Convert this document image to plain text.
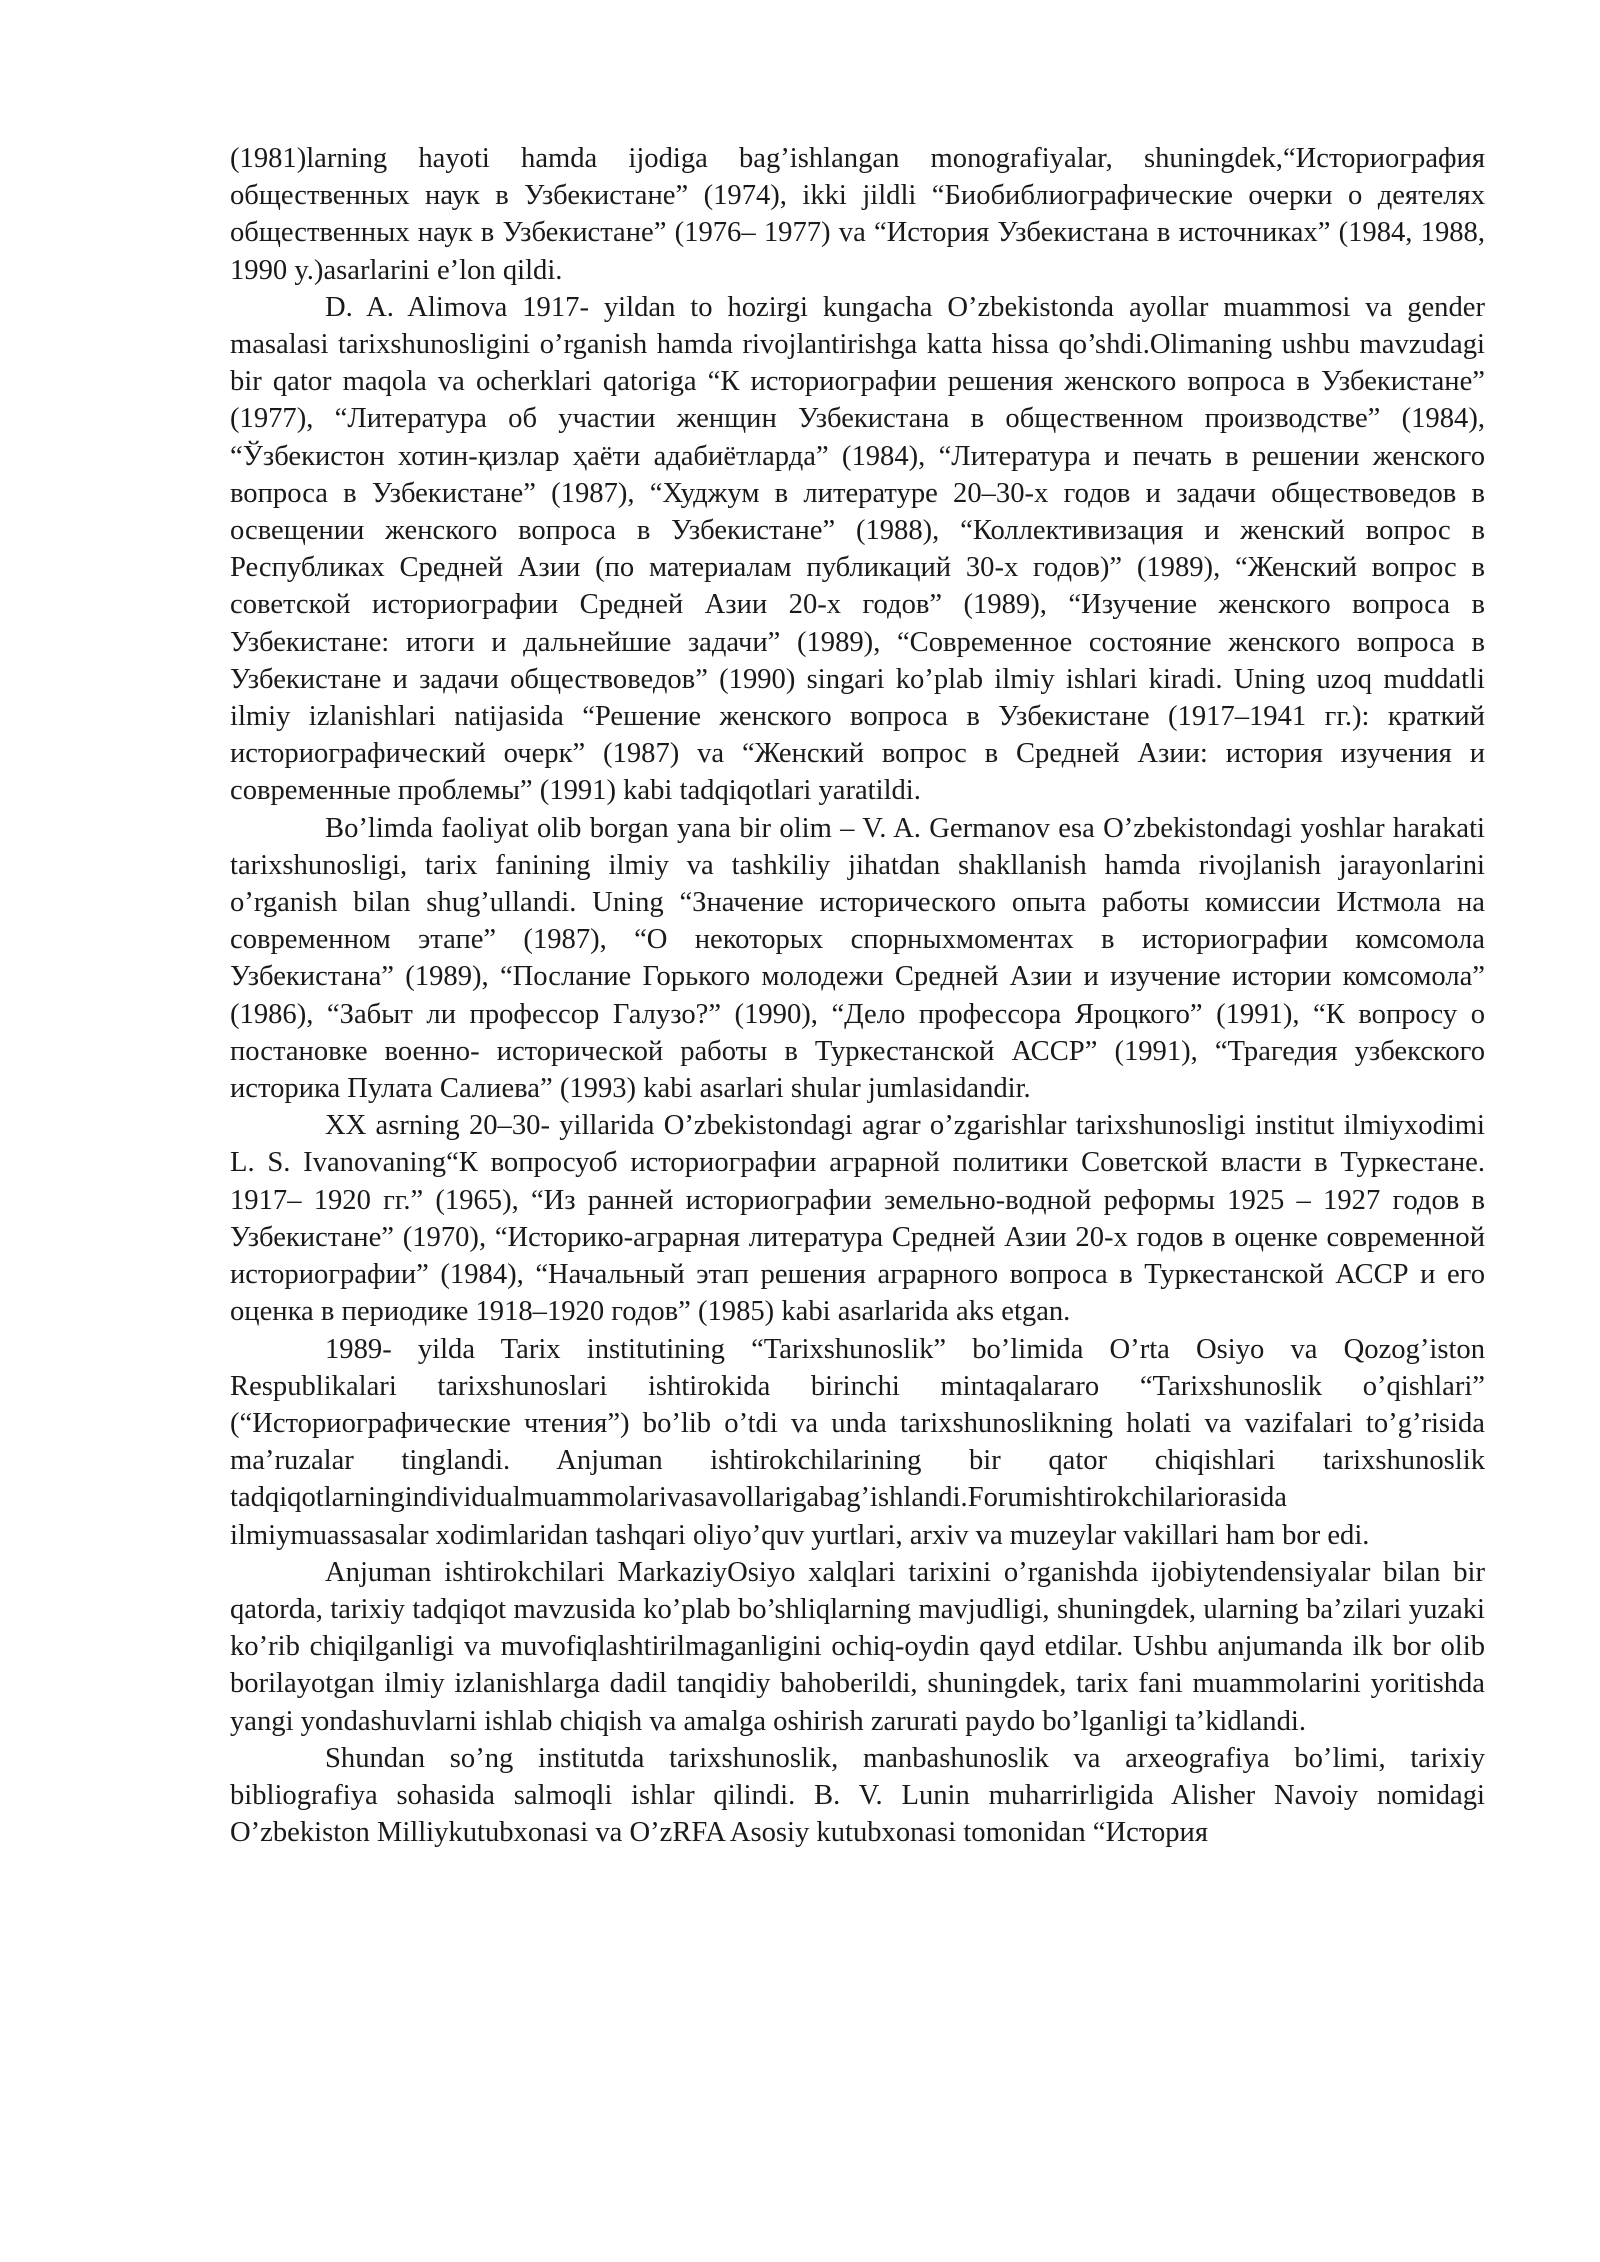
(1981)larning hayoti hamda ijodiga bag’ishlangan monografiyalar, shuningdek,“Историография общественных наук в Узбекистане” (1974), ikki jildli “Биобиблиографические очерки о деятелях общественных наук в Узбекистане” (1976– 1977) va “История Узбекистана в источниках” (1984, 1988, 1990 y.)asarlarini e’lon qildi.

D. A. Alimova 1917- yildan to hozirgi kungacha O’zbekistonda ayollar muammosi va gender masalasi tarixshunosligini o’rganish hamda rivojlantirishga katta hissa qo’shdi.Olimaning ushbu mavzudagi bir qator maqola va ocherklari qatoriga “К историографии решения женского вопроса в Узбекистане” (1977), “Литература об участии женщин Узбекистана в общественном производстве” (1984), “Ўзбекистон хотин-қизлар ҳаёти адабиётларда” (1984), “Литература и печать в решении женского вопроса в Узбекистане” (1987), “Худжум в литературе 20–30-х годов и задачи обществоведов в освещении женского вопроса в Узбекистане” (1988), “Коллективизация и женский вопрос в Республиках Средней Азии (по материалам публикаций 30-х годов)” (1989), “Женский вопрос в советской историографии Средней Азии 20-х годов” (1989), “Изучение женского вопроса в Узбекистане: итоги и дальнейшие задачи” (1989), “Современное состояние женского вопроса в Узбекистане и задачи обществоведов” (1990) singari ko’plab ilmiy ishlari kiradi. Uning uzoq muddatli ilmiy izlanishlari natijasida “Решение женского вопроса в Узбекистане (1917–1941 гг.): краткий историографический очерк” (1987) va “Женский вопрос в Средней Азии: история изучения и современные проблемы” (1991) kabi tadqiqotlari yaratildi.

Bo’limda faoliyat olib borgan yana bir olim – V. A. Germanov esa O’zbekistondagi yoshlar harakati tarixshunosligi, tarix fanining ilmiy va tashkiliy jihatdan shakllanish hamda rivojlanish jarayonlarini o’rganish bilan shug’ullandi. Uning “Значение исторического опыта работы комиссии Истмола на современном этапе” (1987), “О некоторых спорныхмоментах в историографии комсомола Узбекистана” (1989), “Послание Горького молодежи Средней Азии и изучение истории комсомола” (1986), “Забыт ли профессор Галузо?” (1990), “Дело профессора Яроцкого” (1991), “К вопросу о постановке военно- исторической работы в Туркестанской АССР” (1991), “Трагедия узбекского историка Пулата Салиева” (1993) kabi asarlari shular jumlasidandir.

XX asrning 20–30- yillarida O’zbekistondagi agrar o’zgarishlar tarixshunosligi institut ilmiyxodimi L. S. Ivanovaning“К вопросуоб историографии аграрной политики Советской власти в Туркестане. 1917– 1920 гг.” (1965), “Из ранней историографии земельно-водной реформы 1925 – 1927 годов в Узбекистане” (1970), “Историко-аграрная литература Средней Азии 20-х годов в оценке современной историографии” (1984), “Начальный этап решения аграрного вопроса в Туркестанской АССР и его оценка в периодике 1918–1920 годов” (1985) kabi asarlarida aks etgan.

1989- yilda Tarix institutining “Tarixshunoslik” bo’limida O’rta Osiyo va Qozog’iston Respublikalari tarixshunoslari ishtirokida birinchi mintaqalararo “Tarixshunoslik o’qishlari” (“Историографические чтения”) bo’lib o’tdi va unda tarixshunoslikning holati va vazifalari to’g’risida ma’ruzalar tinglandi. Anjuman ishtirokchilarining bir qator chiqishlari tarixshunoslik tadqiqotlarningindividualmuammolarivasavollarigabag’ishlandi.Forumishtirokchilariorasida ilmiymuassasalar xodimlaridan tashqari oliyo’quv yurtlari, arxiv va muzeylar vakillari ham bor edi.

Anjuman ishtirokchilari MarkaziyOsiyo xalqlari tarixini o’rganishda ijobiytendensiyalar bilan bir qatorda, tarixiy tadqiqot mavzusida ko’plab bo’shliqlarning mavjudligi, shuningdek, ularning ba’zilari yuzaki ko’rib chiqilganligi va muvofiqlashtirilmaganligini ochiq-oydin qayd etdilar. Ushbu anjumanda ilk bor olib borilayotgan ilmiy izlanishlarga dadil tanqidiy bahoberildi, shuningdek, tarix fani muammolarini yoritishda yangi yondashuvlarni ishlab chiqish va amalga oshirish zarurati paydo bo’lganligi ta’kidlandi.

Shundan so’ng institutda tarixshunoslik, manbashunoslik va arxeografiya bo’limi, tarixiy bibliografiya sohasida salmoqli ishlar qilindi. B. V. Lunin muharrirligida Alisher Navoiy nomidagi O’zbekiston Milliykutubxonasi va O’zRFA Asosiy kutubxonasi tomonidan “История
